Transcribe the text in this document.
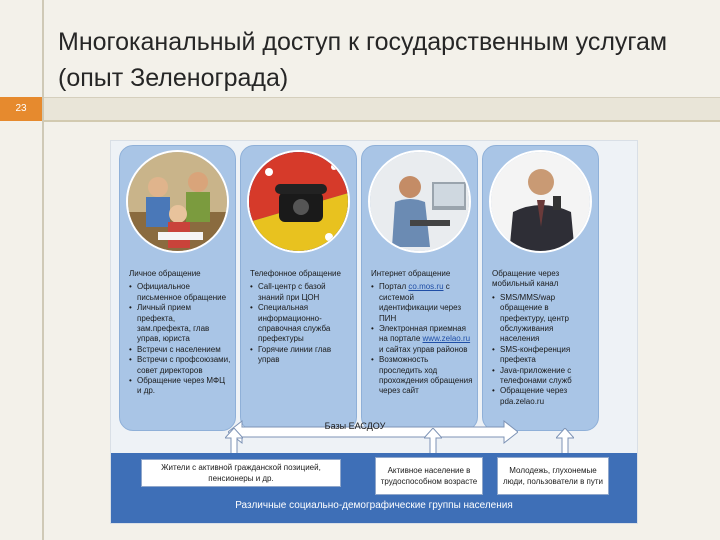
Многоканальный доступ к государственным услугам (опыт Зеленограда)
23
Личное обращение
• Официальное письменное обращение
• Личный прием префекта, зам.префекта, глав управ, юриста
• Встречи с населением
• Встречи с профсоюзами, совет директоров
• Обращение через МФЦ и др.
Телефонное обращение
• Call-центр с базой знаний при ЦОН
• Специальная информационно-справочная служба префектуры
• Горячие линии глав управ
Интернет обращение
• Портал co.mos.ru с системой идентификации через ПИН
• Электронная приемная на портале www.zelao.ru и сайтах управ районов
• Возможность проследить ход прохождения обращения через сайт
Обращение через мобильный канал
• SMS/MMS/wap обращение в префектуру, центр обслуживания населения
• SMS-конференция префекта
• Java-приложение с телефонами служб
• Обращение через pda.zelao.ru
Базы ЕАСДОУ
Жители с активной гражданской позицией, пенсионеры и др.
Активное население в трудоспособном возрасте
Молодежь, глухонемые люди, пользователи в пути
Различные социально-демографические группы населения
